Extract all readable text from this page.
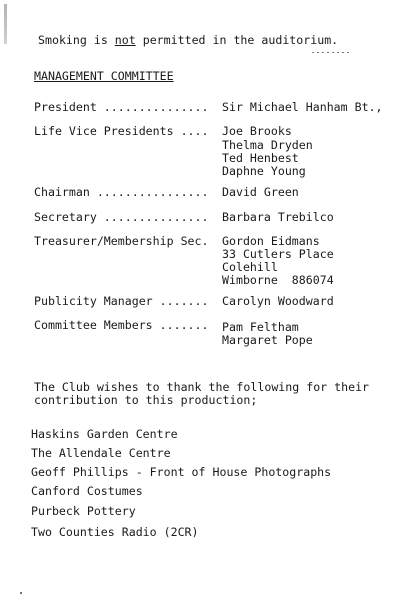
Smoking is not permitted in the auditorium.
MANAGEMENT COMMITTEE
President ............... Sir Michael Hanham Bt.,
Life Vice Presidents .... Joe Brooks
Thelma Dryden
Ted Henbest
Daphne Young
Chairman ................ David Green
Secretary ............... Barbara Trebilco
Treasurer/Membership Sec. Gordon Eidmans
33 Cutlers Place
Colehill
Wimborne  886074
Publicity Manager ....... Carolyn Woodward
Committee Members ....... Pam Feltham
Margaret Pope
The Club wishes to thank the following for their
contribution to this production;
Haskins Garden Centre
The Allendale Centre
Geoff Phillips - Front of House Photographs
Canford Costumes
Purbeck Pottery
Two Counties Radio (2CR)
